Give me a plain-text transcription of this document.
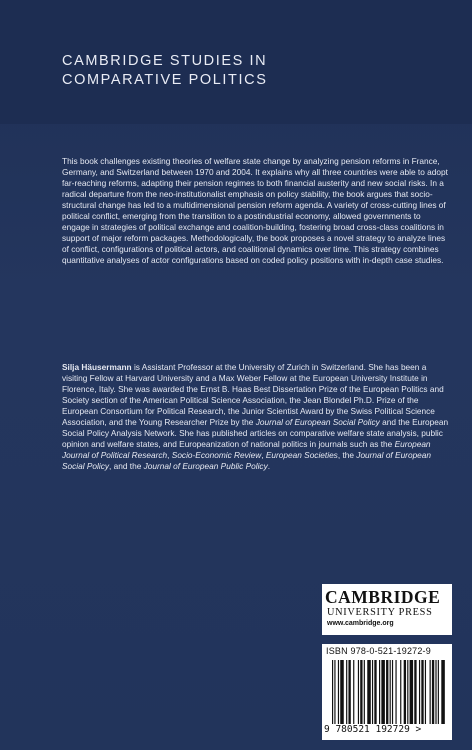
CAMBRIDGE STUDIES IN
COMPARATIVE POLITICS

This book challenges existing theories of welfare state change by analyzing pension reforms in France, Germany, and Switzerland between 1970 and 2004. It explains why all three countries were able to adopt far-reaching reforms, adapting their pension regimes to both financial austerity and new social risks. In a radical departure from the neo-institutionalist emphasis on policy stability, the book argues that socio-structural change has led to a multidimensional pension reform agenda. A variety of cross-cutting lines of political conflict, emerging from the transition to a postindustrial economy, allowed governments to engage in strategies of political exchange and coalition-building, fostering broad cross-class coalitions in support of major reform packages. Methodologically, the book proposes a novel strategy to analyze lines of conflict, configurations of political actors, and coalitional dynamics over time. This strategy combines quantitative analyses of actor configurations based on coded policy positions with in-depth case studies.

Silja Häusermann is Assistant Professor at the University of Zurich in Switzerland. She has been a visiting Fellow at Harvard University and a Max Weber Fellow at the European University Institute in Florence, Italy. She was awarded the Ernst B. Haas Best Dissertation Prize of the European Politics and Society section of the American Political Science Association, the Jean Blondel Ph.D. Prize of the European Consortium for Political Research, the Junior Scientist Award by the Swiss Political Science Association, and the Young Researcher Prize by the Journal of European Social Policy and the European Social Policy Analysis Network. She has published articles on comparative welfare state analysis, public opinion and welfare states, and Europeanization of national politics in journals such as the European Journal of Political Research, Socio-Economic Review, European Societies, the Journal of European Social Policy, and the Journal of European Public Policy.

CAMBRIDGE
UNIVERSITY PRESS
www.cambridge.org
ISBN 978-0-521-19272-9
9 780521 192729 >
